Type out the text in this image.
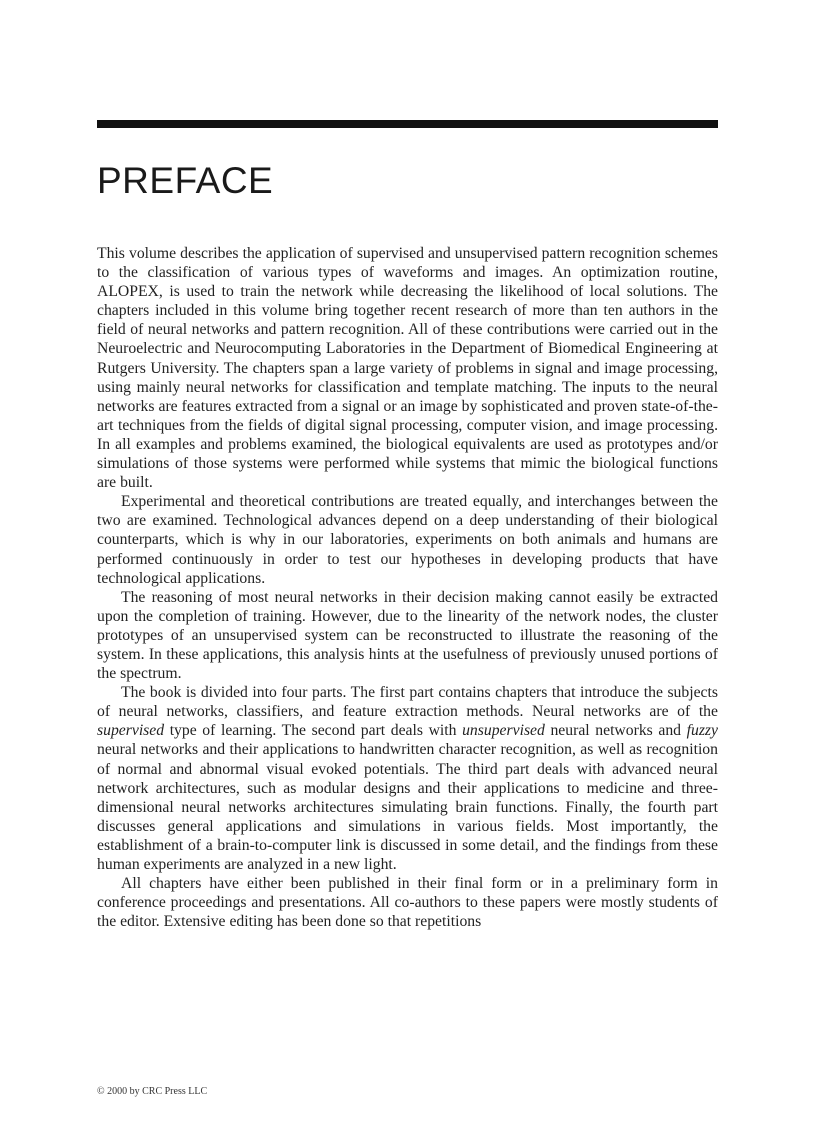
PREFACE

This volume describes the application of supervised and unsupervised pattern recognition schemes to the classification of various types of waveforms and images. An optimization routine, ALOPEX, is used to train the network while decreasing the likelihood of local solutions. The chapters included in this volume bring together recent research of more than ten authors in the field of neural networks and pattern recognition. All of these contributions were carried out in the Neuroelectric and Neurocomputing Laboratories in the Department of Biomedical Engineering at Rutgers University. The chapters span a large variety of problems in signal and image processing, using mainly neural networks for classification and template matching. The inputs to the neural networks are features extracted from a signal or an image by sophisticated and proven state-of-the-art techniques from the fields of digital signal processing, computer vision, and image processing. In all examples and problems examined, the biological equivalents are used as prototypes and/or simulations of those systems were performed while systems that mimic the biological functions are built.

Experimental and theoretical contributions are treated equally, and interchanges between the two are examined. Technological advances depend on a deep understanding of their biological counterparts, which is why in our laboratories, experiments on both animals and humans are performed continuously in order to test our hypotheses in developing products that have technological applications.

The reasoning of most neural networks in their decision making cannot easily be extracted upon the completion of training. However, due to the linearity of the network nodes, the cluster prototypes of an unsupervised system can be reconstructed to illustrate the reasoning of the system. In these applications, this analysis hints at the usefulness of previously unused portions of the spectrum.

The book is divided into four parts. The first part contains chapters that introduce the subjects of neural networks, classifiers, and feature extraction methods. Neural networks are of the supervised type of learning. The second part deals with unsupervised neural networks and fuzzy neural networks and their applications to handwritten character recognition, as well as recognition of normal and abnormal visual evoked potentials. The third part deals with advanced neural network architectures, such as modular designs and their applications to medicine and three-dimensional neural networks architectures simulating brain functions. Finally, the fourth part discusses general applications and simulations in various fields. Most importantly, the establishment of a brain-to-computer link is discussed in some detail, and the findings from these human experiments are analyzed in a new light.

All chapters have either been published in their final form or in a preliminary form in conference proceedings and presentations. All co-authors to these papers were mostly students of the editor. Extensive editing has been done so that repetitions

© 2000 by CRC Press LLC
